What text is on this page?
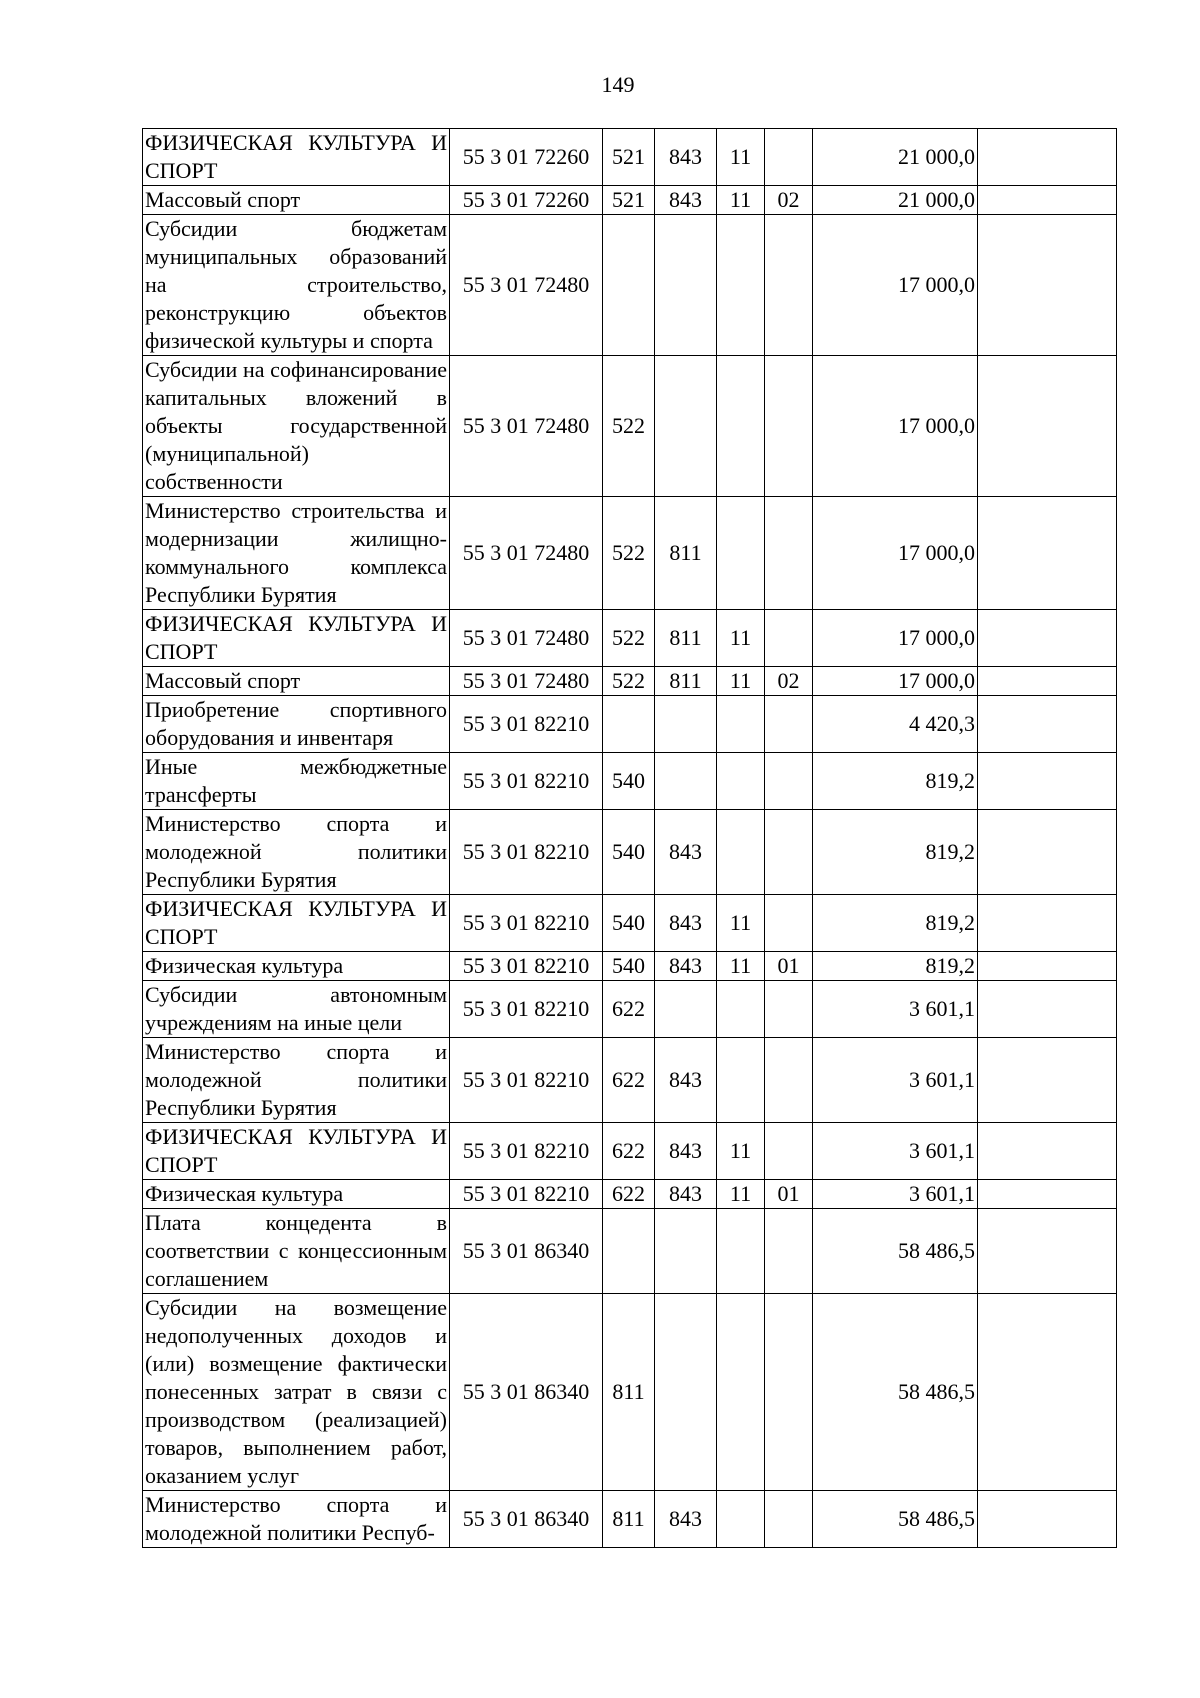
149
ФИЗИЧЕСКАЯ КУЛЬТУРА И СПОРТ	55 3 01 72260	521	843	11		21 000,0	
Массовый спорт	55 3 01 72260	521	843	11	02	21 000,0	
Субсидии бюджетам муниципальных образований на строительство, реконструкцию объектов физической культуры и спорта	55 3 01 72480					17 000,0	
Субсидии на софинансирование капитальных вложений в объекты государственной (муниципальной) собственности	55 3 01 72480	522				17 000,0	
Министерство строительства и модернизации жилищно-коммунального комплекса Республики Бурятия	55 3 01 72480	522	811			17 000,0	
ФИЗИЧЕСКАЯ КУЛЬТУРА И СПОРТ	55 3 01 72480	522	811	11		17 000,0	
Массовый спорт	55 3 01 72480	522	811	11	02	17 000,0	
Приобретение спортивного оборудования и инвентаря	55 3 01 82210					4 420,3	
Иные межбюджетные трансферты	55 3 01 82210	540				819,2	
Министерство спорта и молодежной политики Республики Бурятия	55 3 01 82210	540	843			819,2	
ФИЗИЧЕСКАЯ КУЛЬТУРА И СПОРТ	55 3 01 82210	540	843	11		819,2	
Физическая культура	55 3 01 82210	540	843	11	01	819,2	
Субсидии автономным учреждениям на иные цели	55 3 01 82210	622				3 601,1	
Министерство спорта и молодежной политики Республики Бурятия	55 3 01 82210	622	843			3 601,1	
ФИЗИЧЕСКАЯ КУЛЬТУРА И СПОРТ	55 3 01 82210	622	843	11		3 601,1	
Физическая культура	55 3 01 82210	622	843	11	01	3 601,1	
Плата концедента в соответствии с концессионным соглашением	55 3 01 86340					58 486,5	
Субсидии на возмещение недополученных доходов и (или) возмещение фактически понесенных затрат в связи с производством (реализацией) товаров, выполнением работ, оказанием услуг	55 3 01 86340	811				58 486,5	
Министерство спорта и молодежной политики Респуб-	55 3 01 86340	811	843			58 486,5	
